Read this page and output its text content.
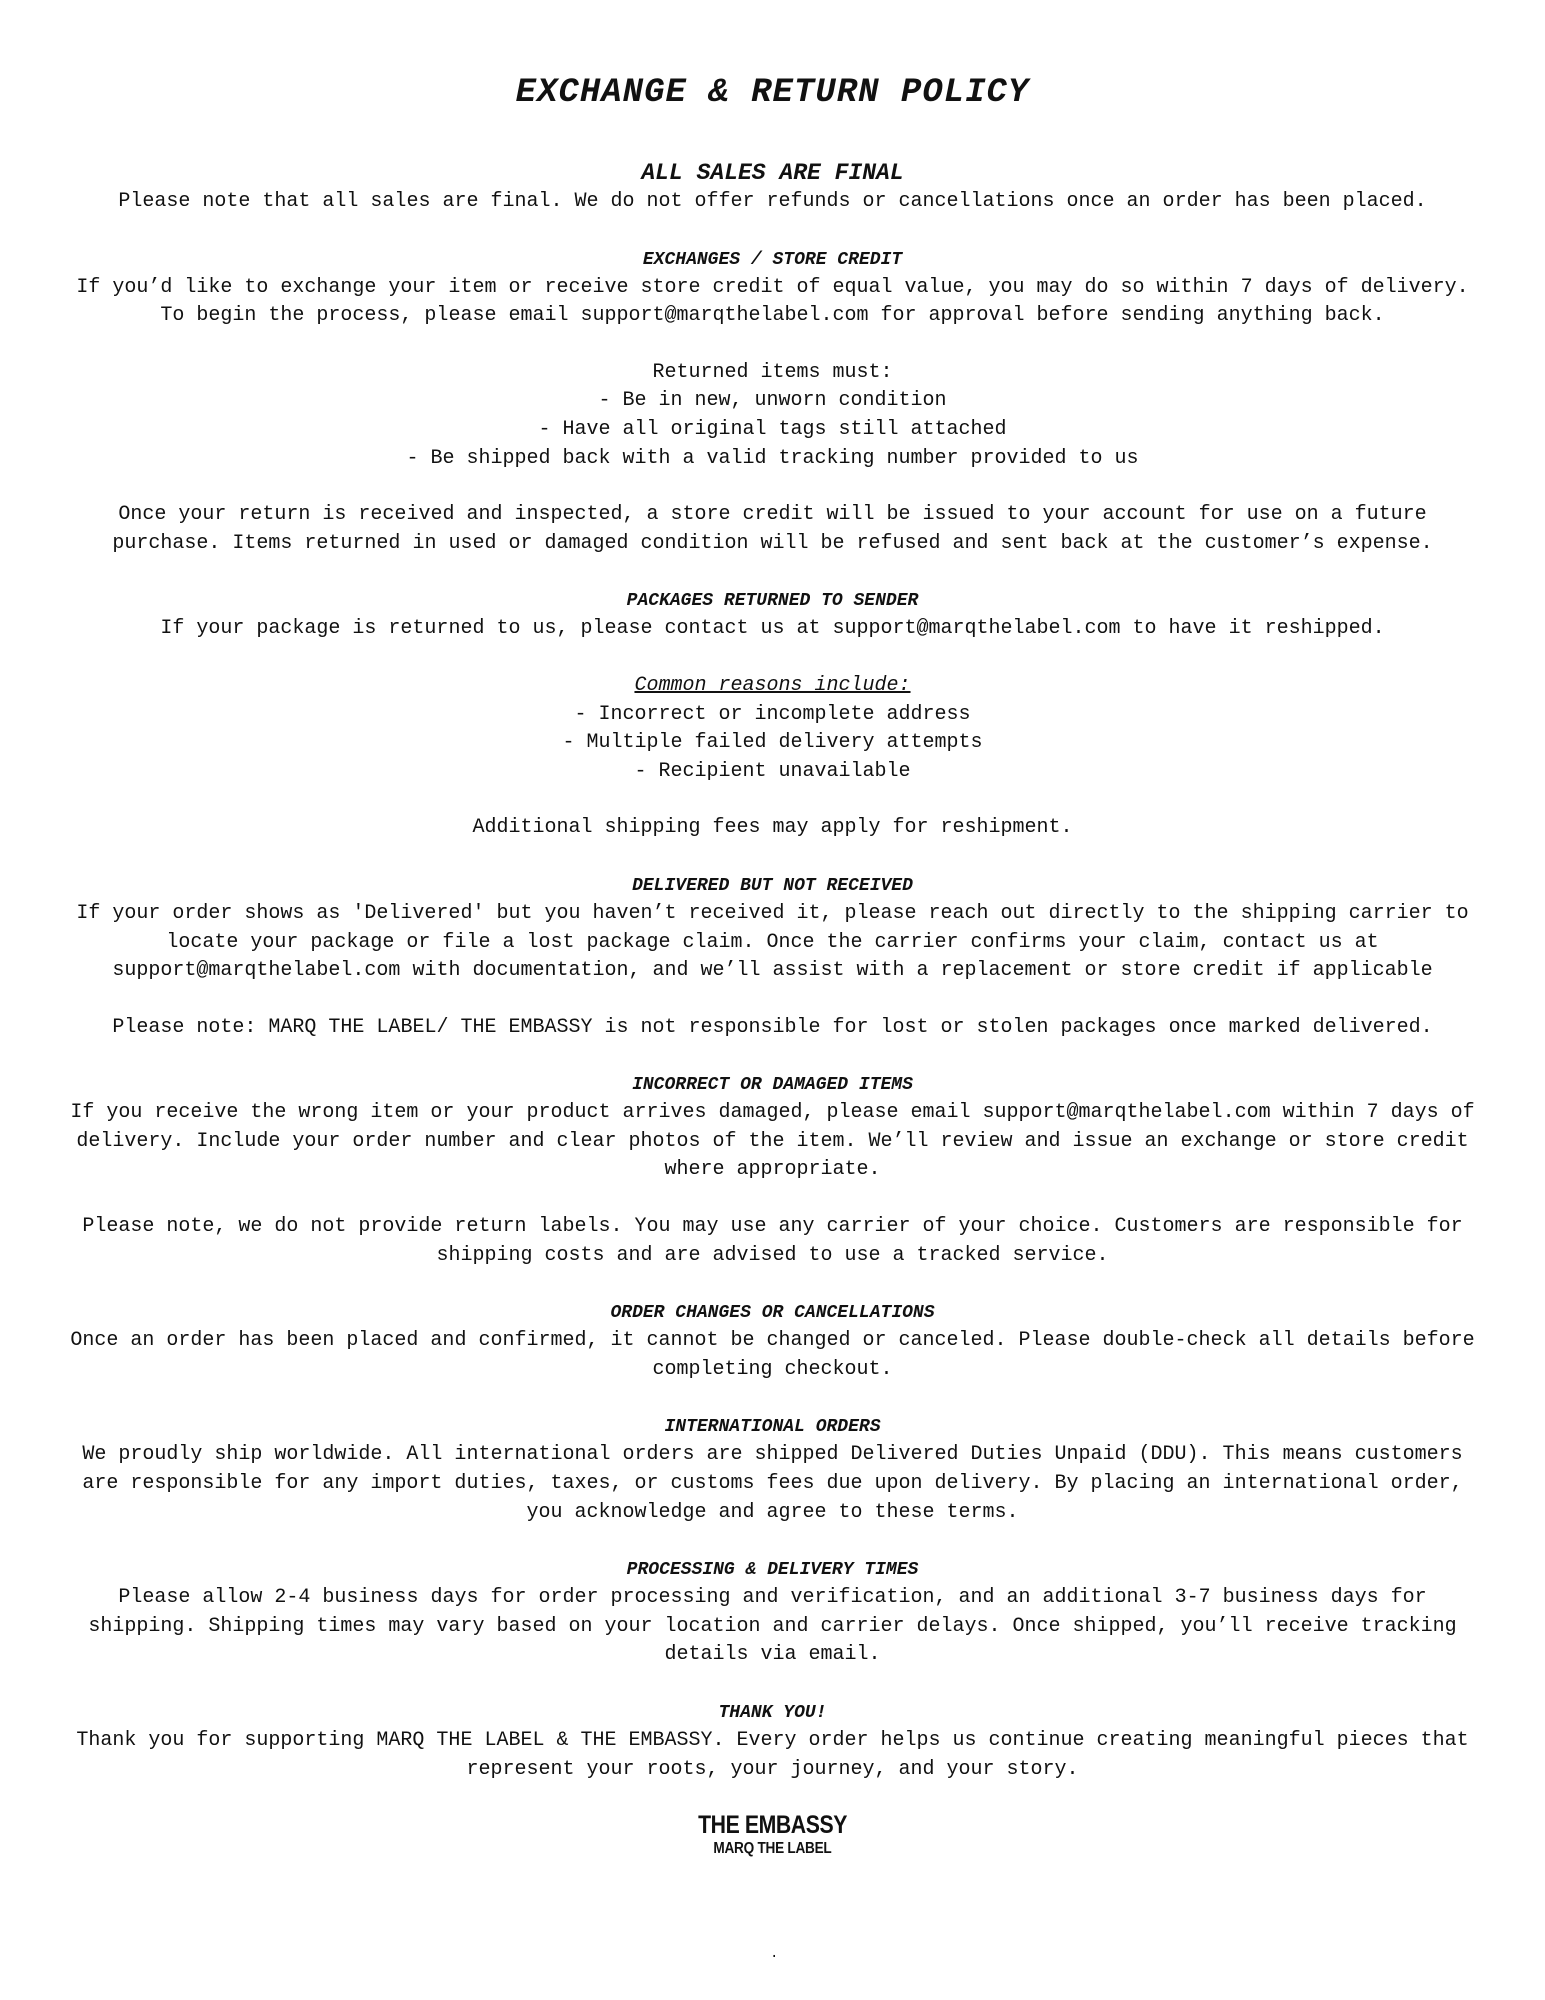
EXCHANGE & RETURN POLICY
ALL SALES ARE FINAL
Please note that all sales are final. We do not offer refunds or cancellations once an order has been placed.
EXCHANGES / STORE CREDIT
If you’d like to exchange your item or receive store credit of equal value, you may do so within 7 days of delivery.
To begin the process, please email support@marqthelabel.com for approval before sending anything back.
Returned items must:
- Be in new, unworn condition
- Have all original tags still attached
- Be shipped back with a valid tracking number provided to us
Once your return is received and inspected, a store credit will be issued to your account for use on a future
purchase. Items returned in used or damaged condition will be refused and sent back at the customer’s expense.
PACKAGES RETURNED TO SENDER
If your package is returned to us, please contact us at support@marqthelabel.com to have it reshipped.
Common reasons include:
- Incorrect or incomplete address
- Multiple failed delivery attempts
- Recipient unavailable
Additional shipping fees may apply for reshipment.
DELIVERED BUT NOT RECEIVED
If your order shows as 'Delivered' but you haven’t received it, please reach out directly to the shipping carrier to
locate your package or file a lost package claim. Once the carrier confirms your claim, contact us at
support@marqthelabel.com with documentation, and we’ll assist with a replacement or store credit if applicable
Please note: MARQ THE LABEL/ THE EMBASSY is not responsible for lost or stolen packages once marked delivered.
INCORRECT OR DAMAGED ITEMS
If you receive the wrong item or your product arrives damaged, please email support@marqthelabel.com within 7 days of
delivery. Include your order number and clear photos of the item. We’ll review and issue an exchange or store credit
where appropriate.
Please note, we do not provide return labels. You may use any carrier of your choice. Customers are responsible for
shipping costs and are advised to use a tracked service.
ORDER CHANGES OR CANCELLATIONS
Once an order has been placed and confirmed, it cannot be changed or canceled. Please double-check all details before
completing checkout.
INTERNATIONAL ORDERS
We proudly ship worldwide. All international orders are shipped Delivered Duties Unpaid (DDU). This means customers
are responsible for any import duties, taxes, or customs fees due upon delivery. By placing an international order,
you acknowledge and agree to these terms.
PROCESSING & DELIVERY TIMES
Please allow 2-4 business days for order processing and verification, and an additional 3-7 business days for
shipping. Shipping times may vary based on your location and carrier delays. Once shipped, you’ll receive tracking
details via email.
THANK YOU!
Thank you for supporting MARQ THE LABEL & THE EMBASSY. Every order helps us continue creating meaningful pieces that
represent your roots, your journey, and your story.
THE EMBASSY
MARQ THE LABEL
.
